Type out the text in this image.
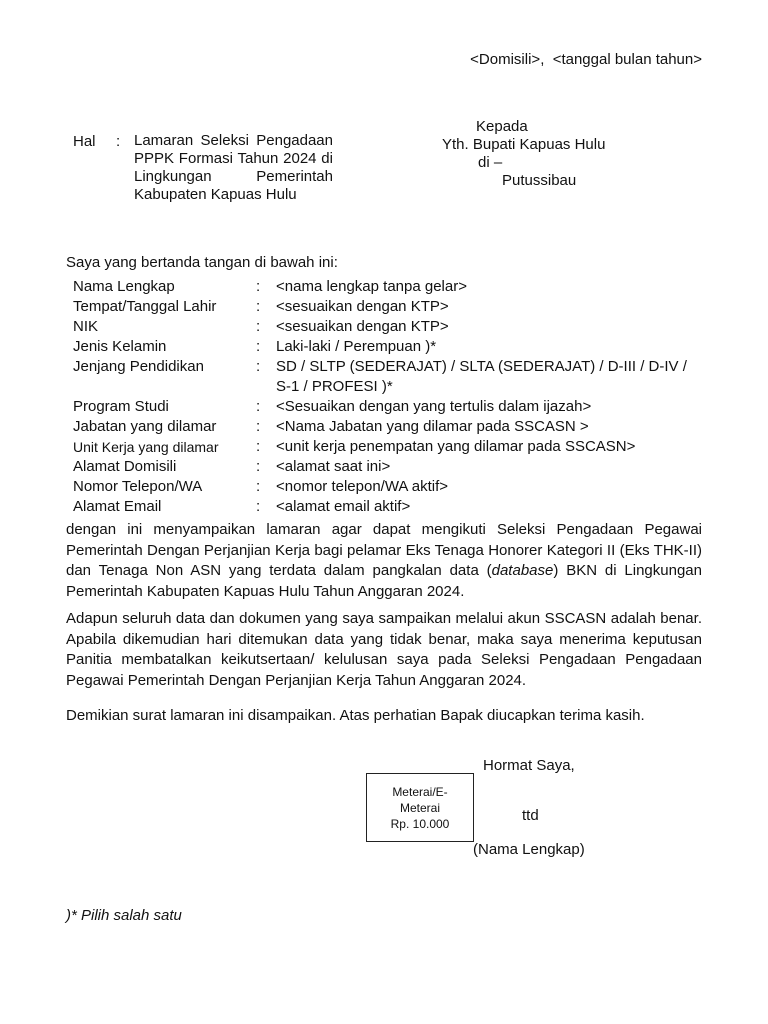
<Domisili>,  <tanggal bulan tahun>
Hal : Lamaran Seleksi Pengadaan PPPK Formasi Tahun 2024 di Lingkungan Pemerintah Kabupaten Kapuas Hulu
Kepada
Yth. Bupati Kapuas Hulu
di –
Putussibau
Saya yang bertanda tangan di bawah ini:
Nama Lengkap	:	<nama lengkap tanpa gelar>
Tempat/Tanggal Lahir	:	<sesuaikan dengan KTP>
NIK	:	<sesuaikan dengan KTP>
Jenis Kelamin	:	Laki-laki / Perempuan )*
Jenjang Pendidikan	:	SD / SLTP (SEDERAJAT) / SLTA (SEDERAJAT) / D-III / D-IV / S-1 / PROFESI )*
Program Studi	:	<Sesuaikan dengan yang tertulis dalam ijazah>
Jabatan yang dilamar	:	<Nama Jabatan yang dilamar pada SSCASN >
Unit Kerja yang dilamar	:	<unit kerja penempatan yang dilamar pada SSCASN>
Alamat Domisili	:	<alamat saat ini>
Nomor Telepon/WA	:	<nomor telepon/WA aktif>
Alamat Email	:	<alamat email aktif>
dengan ini menyampaikan lamaran agar dapat mengikuti Seleksi Pengadaan Pegawai Pemerintah Dengan Perjanjian Kerja bagi pelamar Eks Tenaga Honorer Kategori II (Eks THK-II) dan Tenaga Non ASN yang terdata dalam pangkalan data (database) BKN di Lingkungan Pemerintah Kabupaten Kapuas Hulu Tahun Anggaran 2024.
Adapun seluruh data dan dokumen yang saya sampaikan melalui akun SSCASN adalah benar. Apabila dikemudian hari ditemukan data yang tidak benar, maka saya menerima keputusan Panitia membatalkan keikutsertaan/ kelulusan saya pada Seleksi Pengadaan Pengadaan Pegawai Pemerintah Dengan Perjanjian Kerja Tahun Anggaran 2024.
Demikian surat lamaran ini disampaikan. Atas perhatian Bapak diucapkan terima kasih.
Hormat Saya,
Meterai/E-
Meterai
Rp. 10.000	ttd
(Nama Lengkap)
)* Pilih salah satu
